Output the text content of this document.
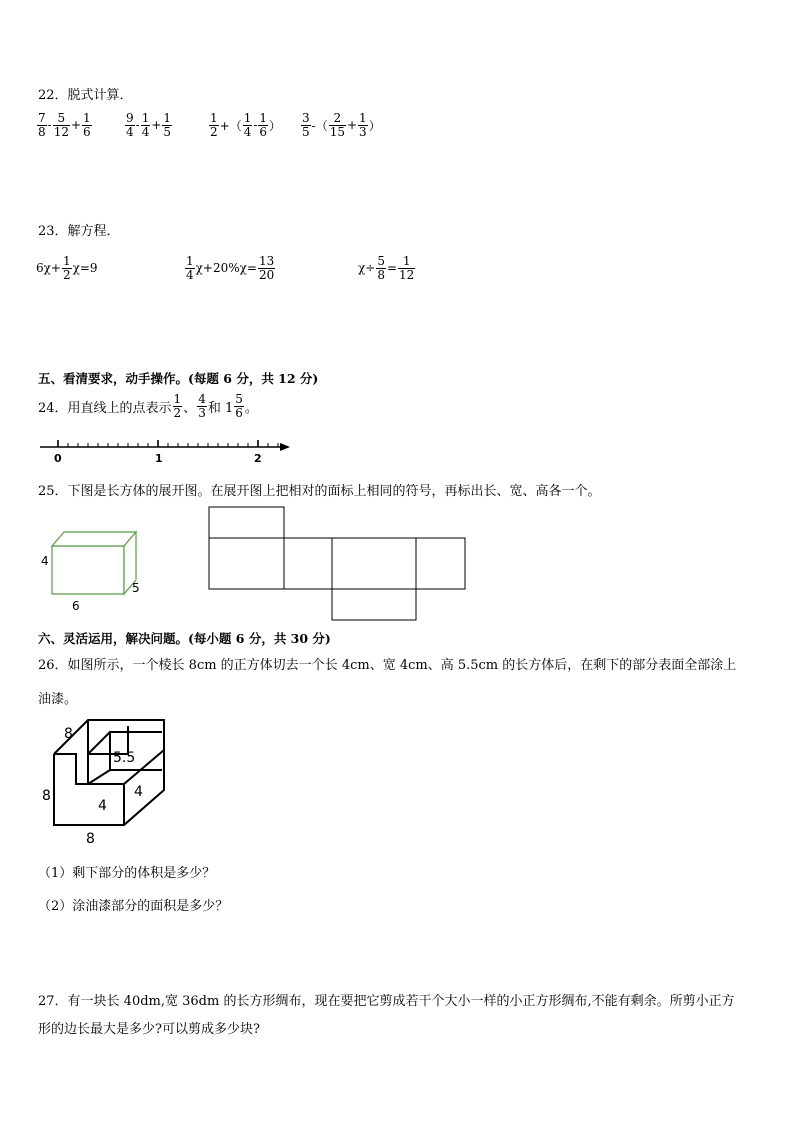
22．脱式计算．
$\frac{7}{8} - \frac{5}{12} + \frac{1}{6}$	$\frac{9}{4} - \frac{1}{4} + \frac{1}{5}$	$\frac{1}{2}$ +（ $\frac{1}{4} - \frac{1}{6}$ ） $\frac{3}{5}$ -（ $\frac{2}{15} + \frac{1}{3}$ ）
23．解方程．
$6\chi+ \frac{1}{2} \chi=9$	$\frac{1}{4} \chi+20\%\chi= \frac{13}{20}$	$\chi\div \frac{5}{8} = \frac{1}{12}$
五、看清要求，动手操作。(每题 6 分，共 12 分)
24．用直线上的点表示 $\frac{1}{2}$ 、 $\frac{4}{3}$ 和 $1 \frac{5}{6}$ 。
0	1	2
25．下图是长方体的展开图。在展开图上把相对的面标上相同的符号，再标出长、宽、高各一个。
4
5
6
六、灵活运用，解决问题。(每小题 6 分，共 30 分)
26．如图所示，一个棱长 8cm 的正方体切去一个长 4cm、宽 4cm、高 5.5cm 的长方体后，在剩下的部分表面全部涂上
油漆。
8
8
8
5.5
4
4
（1）剩下部分的体积是多少？
（2）涂油漆部分的面积是多少？
27．有一块长 40dm,宽 36dm 的长方形绸布，现在要把它剪成若干个大小一样的小正方形绸布,不能有剩余。所剪小正方
形的边长最大是多少?可以剪成多少块?
